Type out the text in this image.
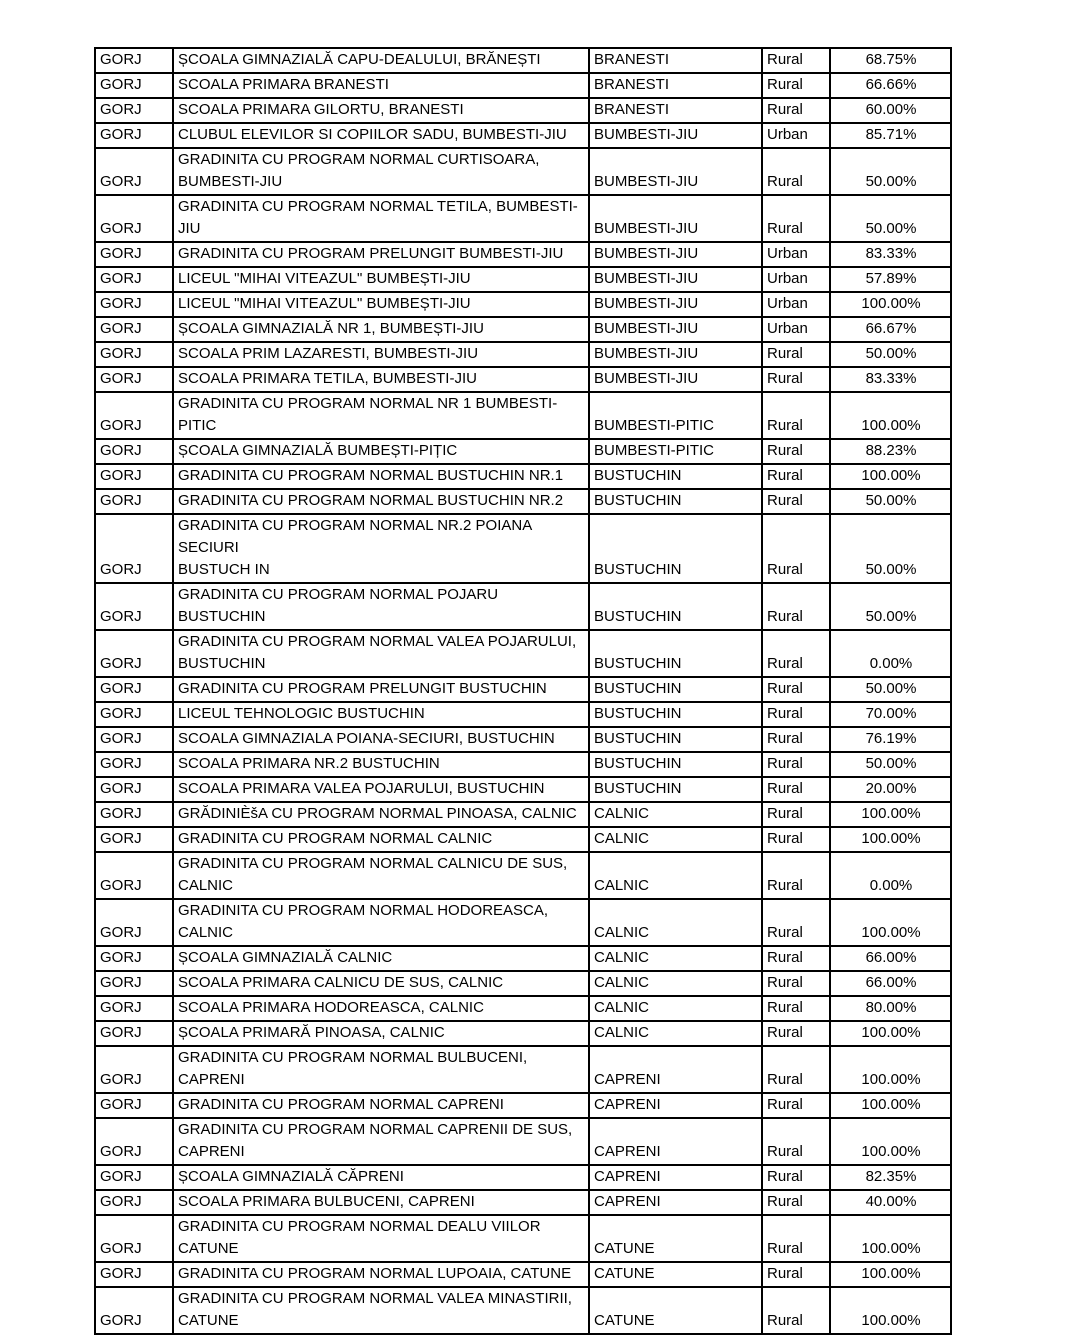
GORJ	ȘCOALA GIMNAZIALĂ CAPU-DEALULUI, BRĂNEȘTI	BRANESTI	Rural	68.75%
GORJ	SCOALA PRIMARA BRANESTI	BRANESTI	Rural	66.66%
GORJ	SCOALA PRIMARA GILORTU, BRANESTI	BRANESTI	Rural	60.00%
GORJ	CLUBUL ELEVILOR SI COPIILOR SADU, BUMBESTI-JIU	BUMBESTI-JIU	Urban	85.71%
GORJ	GRADINITA CU PROGRAM NORMAL CURTISOARA,
BUMBESTI-JIU	BUMBESTI-JIU	Rural	50.00%
GORJ	GRADINITA CU PROGRAM NORMAL TETILA, BUMBESTI-JIU	BUMBESTI-JIU	Rural	50.00%
GORJ	GRADINITA CU PROGRAM PRELUNGIT BUMBESTI-JIU	BUMBESTI-JIU	Urban	83.33%
GORJ	LICEUL "MIHAI VITEAZUL" BUMBEȘTI-JIU	BUMBESTI-JIU	Urban	57.89%
GORJ	LICEUL "MIHAI VITEAZUL" BUMBEȘTI-JIU	BUMBESTI-JIU	Urban	100.00%
GORJ	ȘCOALA GIMNAZIALĂ NR 1, BUMBEȘTI-JIU	BUMBESTI-JIU	Urban	66.67%
GORJ	SCOALA PRIM LAZARESTI, BUMBESTI-JIU	BUMBESTI-JIU	Rural	50.00%
GORJ	SCOALA PRIMARA TETILA, BUMBESTI-JIU	BUMBESTI-JIU	Rural	83.33%
GORJ	GRADINITA CU PROGRAM NORMAL NR 1 BUMBESTI-PITIC	BUMBESTI-PITIC	Rural	100.00%
GORJ	ȘCOALA GIMNAZIALĂ BUMBEȘTI-PIȚIC	BUMBESTI-PITIC	Rural	88.23%
GORJ	GRADINITA CU PROGRAM NORMAL BUSTUCHIN NR.1	BUSTUCHIN	Rural	100.00%
GORJ	GRADINITA CU PROGRAM NORMAL BUSTUCHIN NR.2	BUSTUCHIN	Rural	50.00%
GORJ	GRADINITA CU PROGRAM NORMAL NR.2 POIANA SECIURI
BUSTUCH IN	BUSTUCHIN	Rural	50.00%
GORJ	GRADINITA CU PROGRAM NORMAL POJARU BUSTUCHIN	BUSTUCHIN	Rural	50.00%
GORJ	GRADINITA CU PROGRAM NORMAL VALEA POJARULUI,
BUSTUCHIN	BUSTUCHIN	Rural	0.00%
GORJ	GRADINITA CU PROGRAM PRELUNGIT BUSTUCHIN	BUSTUCHIN	Rural	50.00%
GORJ	LICEUL TEHNOLOGIC BUSTUCHIN	BUSTUCHIN	Rural	70.00%
GORJ	SCOALA GIMNAZIALA POIANA-SECIURI, BUSTUCHIN	BUSTUCHIN	Rural	76.19%
GORJ	SCOALA PRIMARA NR.2 BUSTUCHIN	BUSTUCHIN	Rural	50.00%
GORJ	SCOALA PRIMARA VALEA POJARULUI, BUSTUCHIN	BUSTUCHIN	Rural	20.00%
GORJ	GRĂDINIÈšA CU PROGRAM NORMAL PINOASA, CALNIC	CALNIC	Rural	100.00%
GORJ	GRADINITA CU PROGRAM NORMAL CALNIC	CALNIC	Rural	100.00%
GORJ	GRADINITA CU PROGRAM NORMAL CALNICU DE SUS,
CALNIC	CALNIC	Rural	0.00%
GORJ	GRADINITA CU PROGRAM NORMAL HODOREASCA, CALNIC	CALNIC	Rural	100.00%
GORJ	ȘCOALA GIMNAZIALĂ CALNIC	CALNIC	Rural	66.00%
GORJ	SCOALA PRIMARA CALNICU DE SUS, CALNIC	CALNIC	Rural	66.00%
GORJ	SCOALA PRIMARA HODOREASCA, CALNIC	CALNIC	Rural	80.00%
GORJ	ȘCOALA PRIMARĂ PINOASA, CALNIC	CALNIC	Rural	100.00%
GORJ	GRADINITA CU PROGRAM NORMAL BULBUCENI, CAPRENI	CAPRENI	Rural	100.00%
GORJ	GRADINITA CU PROGRAM NORMAL CAPRENI	CAPRENI	Rural	100.00%
GORJ	GRADINITA CU PROGRAM NORMAL CAPRENII DE SUS,
CAPRENI	CAPRENI	Rural	100.00%
GORJ	ȘCOALA GIMNAZIALĂ CĂPRENI	CAPRENI	Rural	82.35%
GORJ	SCOALA PRIMARA BULBUCENI, CAPRENI	CAPRENI	Rural	40.00%
GORJ	GRADINITA CU PROGRAM NORMAL DEALU VIILOR CATUNE	CATUNE	Rural	100.00%
GORJ	GRADINITA CU PROGRAM NORMAL LUPOAIA, CATUNE	CATUNE	Rural	100.00%
GORJ	GRADINITA CU PROGRAM NORMAL VALEA MINASTIRII,
CATUNE	CATUNE	Rural	100.00%
